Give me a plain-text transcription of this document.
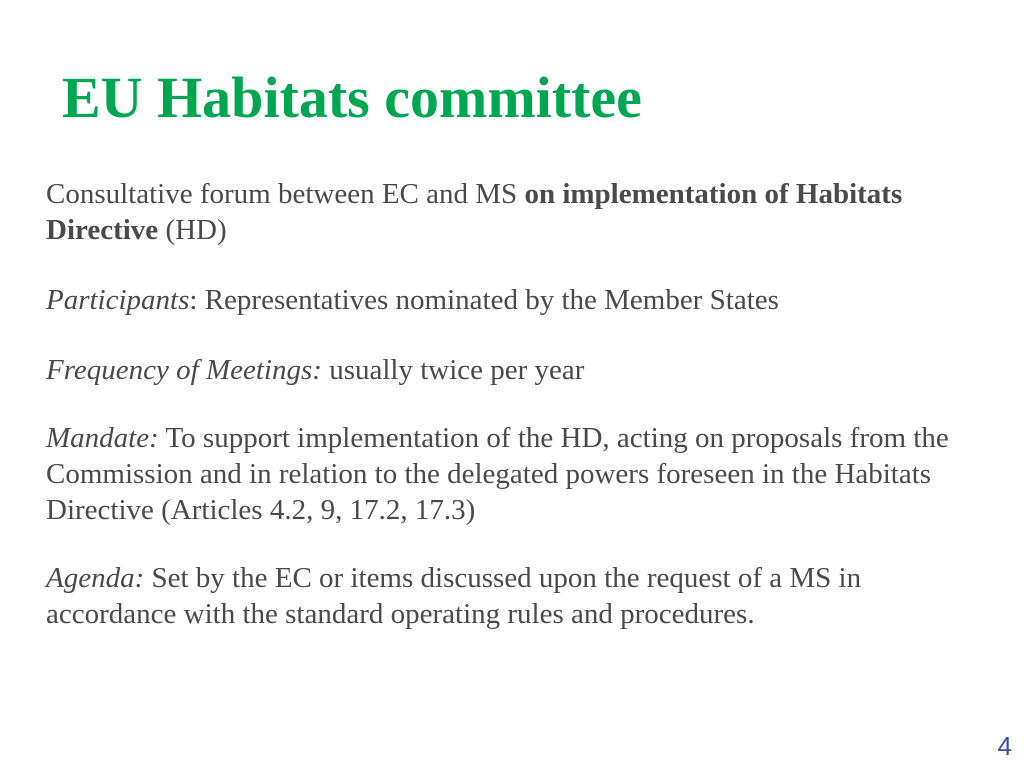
EU Habitats committee

Consultative forum between EC and MS on implementation of Habitats Directive (HD)

Participants: Representatives nominated by the Member States

Frequency of Meetings: usually twice per year

Mandate: To support implementation of the HD, acting on proposals from the Commission and in relation to the delegated powers foreseen in the Habitats Directive (Articles 4.2, 9, 17.2, 17.3)

Agenda: Set by the EC or items discussed upon the request of a MS in accordance with the standard operating rules and procedures.

4
